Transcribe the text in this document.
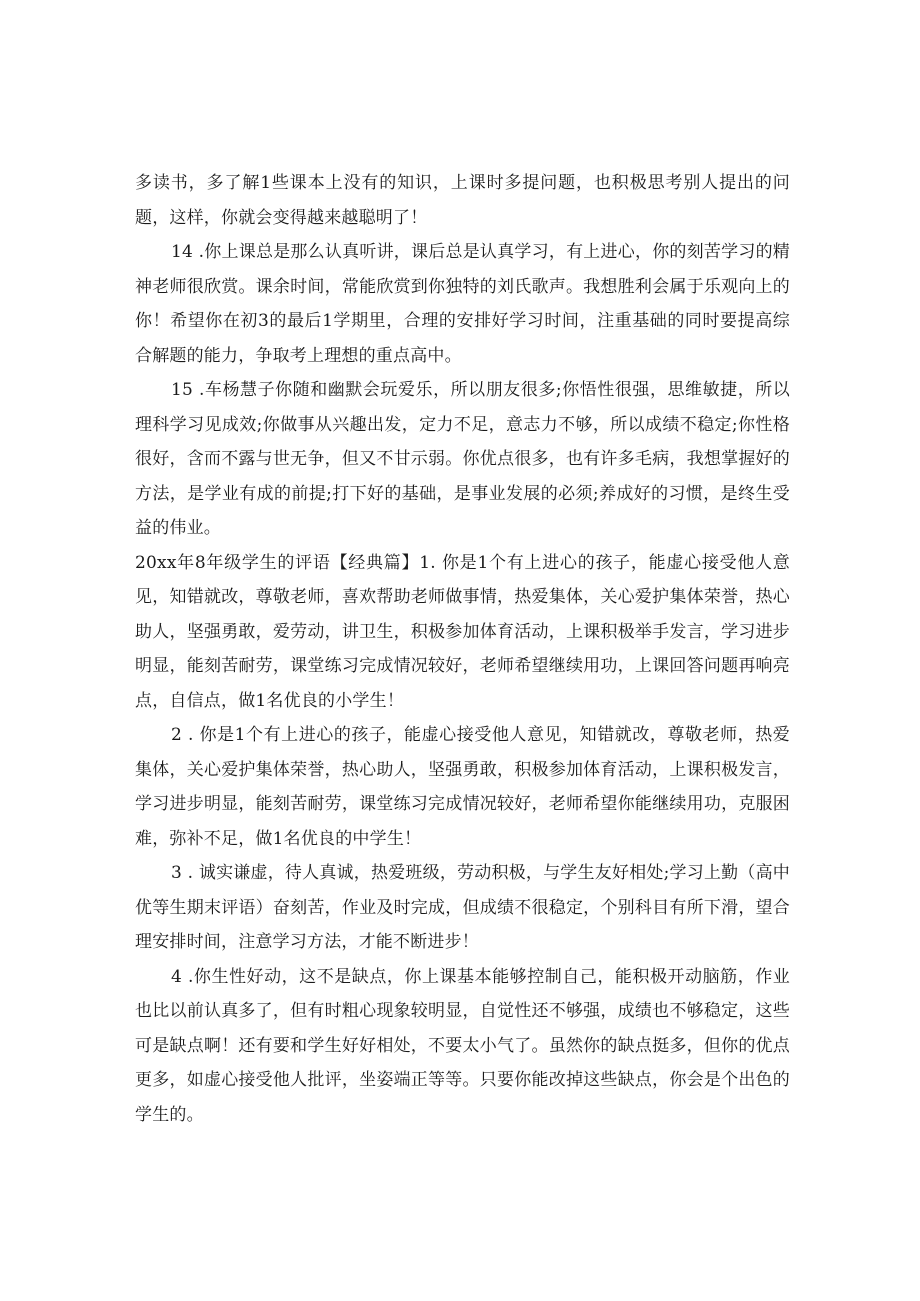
多读书，多了解1些课本上没有的知识，上课时多提问题，也积极思考别人提出的问题，这样，你就会变得越来越聪明了！

14 .你上课总是那么认真听讲，课后总是认真学习，有上进心，你的刻苦学习的精神老师很欣赏。课余时间，常能欣赏到你独特的刘氏歌声。我想胜利会属于乐观向上的你！希望你在初3的最后1学期里，合理的安排好学习时间，注重基础的同时要提高综合解题的能力，争取考上理想的重点高中。

15 .车杨慧子你随和幽默会玩爱乐，所以朋友很多;你悟性很强，思维敏捷，所以理科学习见成效;你做事从兴趣出发，定力不足，意志力不够，所以成绩不稳定;你性格很好，含而不露与世无争，但又不甘示弱。你优点很多，也有许多毛病，我想掌握好的方法，是学业有成的前提;打下好的基础，是事业发展的必须;养成好的习惯，是终生受益的伟业。

20xx年8年级学生的评语【经典篇】1. 你是1个有上进心的孩子，能虚心接受他人意见，知错就改，尊敬老师，喜欢帮助老师做事情，热爱集体，关心爱护集体荣誉，热心助人，坚强勇敢，爱劳动，讲卫生，积极参加体育活动，上课积极举手发言，学习进步明显，能刻苦耐劳，课堂练习完成情况较好，老师希望继续用功，上课回答问题再响亮点，自信点，做1名优良的小学生！

2 . 你是1个有上进心的孩子，能虚心接受他人意见，知错就改，尊敬老师，热爱集体，关心爱护集体荣誉，热心助人，坚强勇敢，积极参加体育活动，上课积极发言，学习进步明显，能刻苦耐劳，课堂练习完成情况较好，老师希望你能继续用功，克服困难，弥补不足，做1名优良的中学生！

3 . 诚实谦虚，待人真诚，热爱班级，劳动积极，与学生友好相处;学习上勤（高中优等生期末评语）奋刻苦，作业及时完成，但成绩不很稳定，个别科目有所下滑，望合理安排时间，注意学习方法，才能不断进步！

4 .你生性好动，这不是缺点，你上课基本能够控制自己，能积极开动脑筋，作业也比以前认真多了，但有时粗心现象较明显，自觉性还不够强，成绩也不够稳定，这些可是缺点啊！还有要和学生好好相处，不要太小气了。虽然你的缺点挺多，但你的优点更多，如虚心接受他人批评，坐姿端正等等。只要你能改掉这些缺点，你会是个出色的学生的。
